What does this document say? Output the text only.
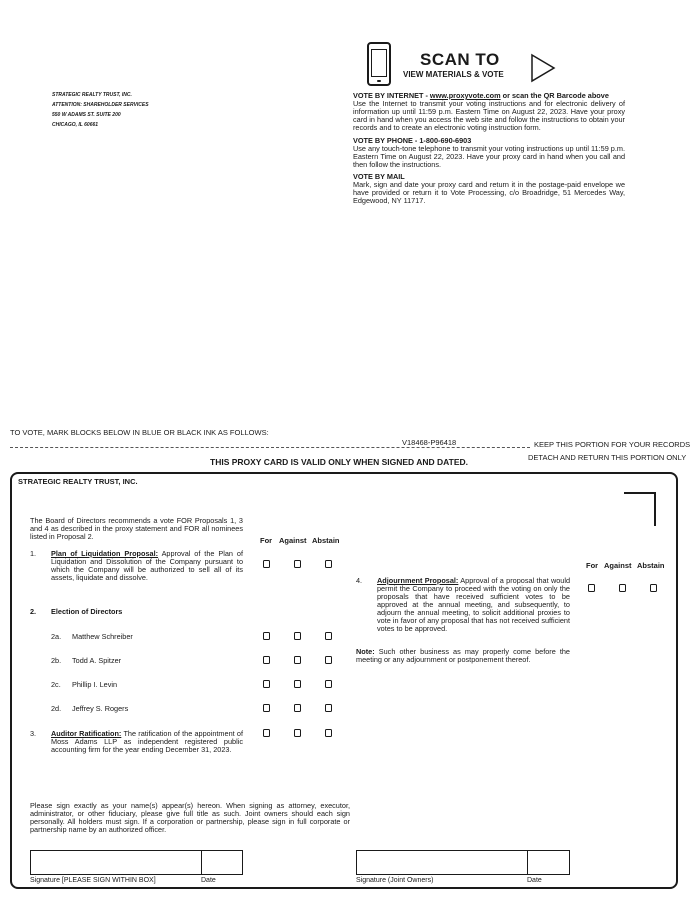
STRATEGIC REALTY TRUST, INC.
ATTENTION: SHAREHOLDER SERVICES
550 W ADAMS ST. SUITE 200
CHICAGO, IL 60661
SCAN TO
VIEW MATERIALS & VOTE
VOTE BY INTERNET - www.proxyvote.com or scan the QR Barcode above
Use the Internet to transmit your voting instructions and for electronic delivery of information up until 11:59 p.m. Eastern Time on August 22, 2023. Have your proxy card in hand when you access the web site and follow the instructions to obtain your records and to create an electronic voting instruction form.
VOTE BY PHONE - 1-800-690-6903
Use any touch-tone telephone to transmit your voting instructions up until 11:59 p.m. Eastern Time on August 22, 2023. Have your proxy card in hand when you call and then follow the instructions.
VOTE BY MAIL
Mark, sign and date your proxy card and return it in the postage-paid envelope we have provided or return it to Vote Processing, c/o Broadridge, 51 Mercedes Way, Edgewood, NY 11717.
TO VOTE, MARK BLOCKS BELOW IN BLUE OR BLACK INK AS FOLLOWS:
V18468-P96418	KEEP THIS PORTION FOR YOUR RECORDS
THIS PROXY CARD IS VALID ONLY WHEN SIGNED AND DATED.	DETACH AND RETURN THIS PORTION ONLY
STRATEGIC REALTY TRUST, INC.
The Board of Directors recommends a vote FOR Proposals 1, 3 and 4 as described in the proxy statement and FOR all nominees listed in Proposal 2.	For Against Abstain
1. Plan of Liquidation Proposal: Approval of the Plan of Liquidation and Dissolution of the Company pursuant to which the Company will be authorized to sell all of its assets, liquidate and dissolve.
2. Election of Directors
2a. Matthew Schreiber
2b. Todd A. Spitzer
2c. Phillip I. Levin
2d. Jeffrey S. Rogers
3. Auditor Ratification: The ratification of the appointment of Moss Adams LLP as independent registered public accounting firm for the year ending December 31, 2023.
For Against Abstain
4. Adjournment Proposal: Approval of a proposal that would permit the Company to proceed with the voting on only the proposals that have received sufficient votes to be approved at the annual meeting, and subsequently, to adjourn the annual meeting, to solicit additional proxies to vote in favor of any proposal that has not received sufficient votes to be approved.
Note: Such other business as may properly come before the meeting or any adjournment or postponement thereof.
Please sign exactly as your name(s) appear(s) hereon. When signing as attorney, executor, administrator, or other fiduciary, please give full title as such. Joint owners should each sign personally. All holders must sign. If a corporation or partnership, please sign in full corporate or partnership name by an authorized officer.
Signature [PLEASE SIGN WITHIN BOX]	Date	Signature (Joint Owners)	Date
